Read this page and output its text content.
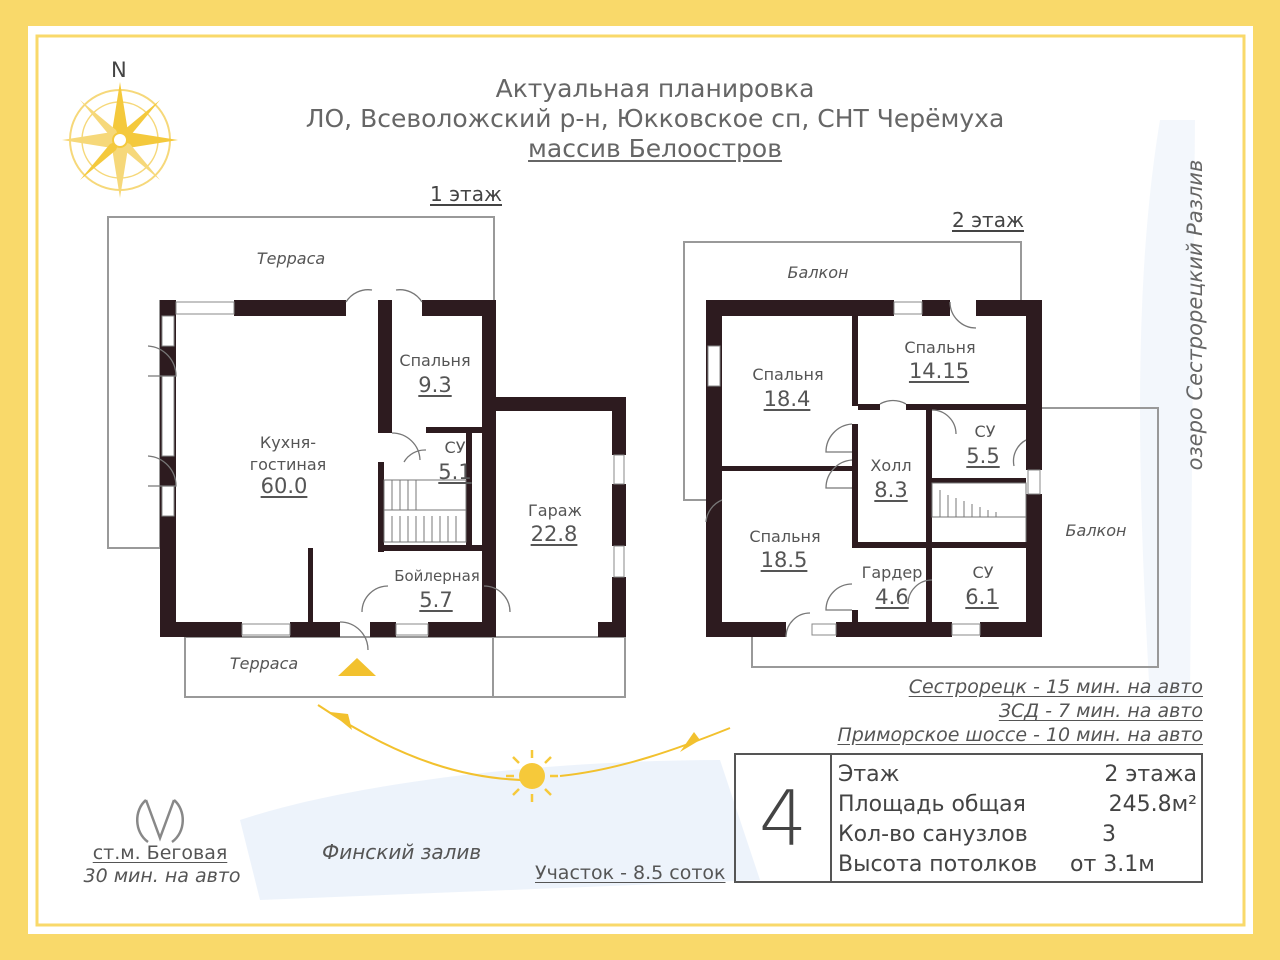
Актуальная планировка
ЛО, Всеволожский р-н, Юкковское сп, СНТ Черёмуха
массив Белоостров
N
1 этаж
2 этаж
Терраса
Терраса
Кухня-
гостиная
60.0
Спальня
9.3
СУ
5.1
Бойлерная
5.7
Гараж
22.8
Балкон
Балкон
Спальня
18.4
Спальня
14.15
СУ
5.5
Холл
8.3
Спальня
18.5
Гардер
4.6
СУ
6.1
озеро Сестрорецкий Разлив
Сестрорецк - 15 мин. на авто
ЗСД - 7 мин. на авто
Приморское шоссе - 10 мин. на авто
ст.м. Беговая
30 мин. на авто
Финский залив
Участок - 8.5 соток
4 Этаж	2 этажа
Площадь общая	245.8м²
Кол-во санузлов	3
Высота потолков от 3.1м
